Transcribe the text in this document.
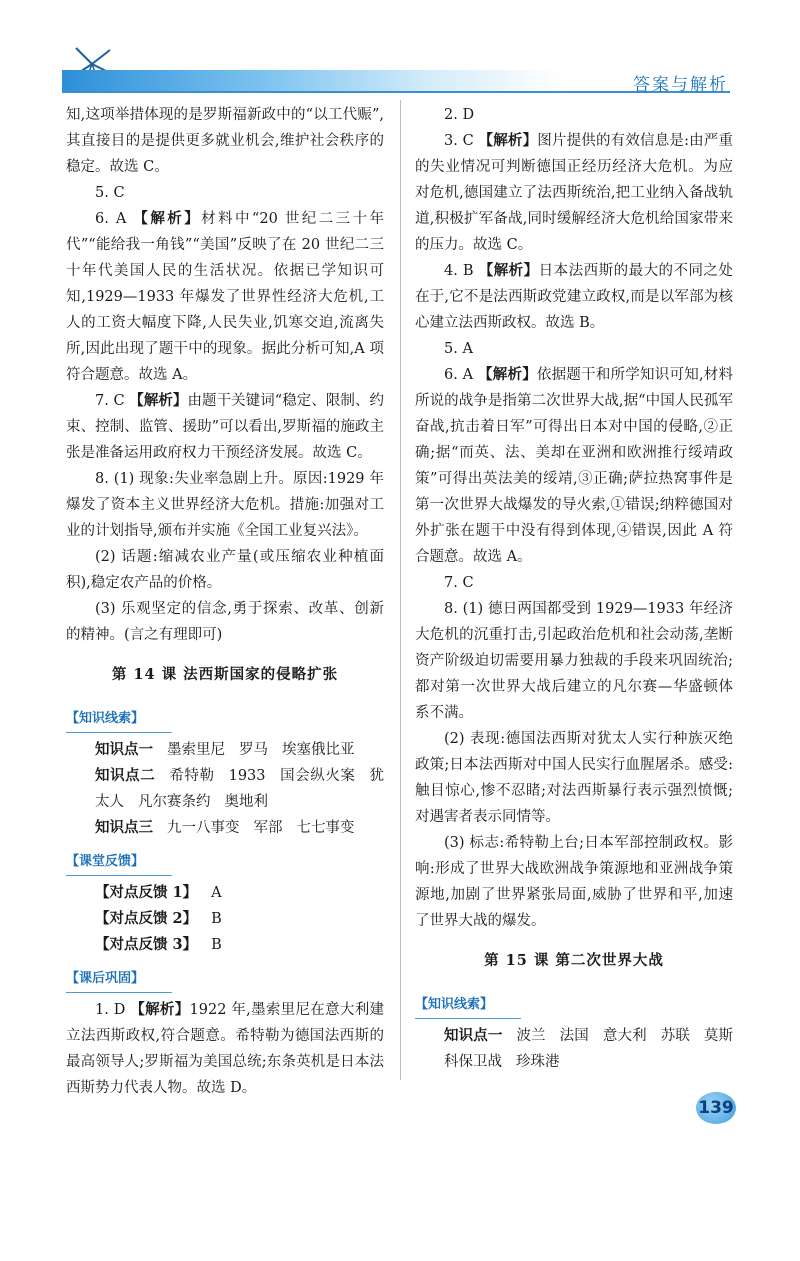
答案与解析

知,这项举措体现的是罗斯福新政中的“以工代赈”,其直接目的是提供更多就业机会,维护社会秩序的稳定。故选 C。

5. C

6. A 【解析】材料中“20 世纪二三十年代”“能给我一角钱”“美国”反映了在 20 世纪二三十年代美国人民的生活状况。依据已学知识可知,1929—1933 年爆发了世界性经济大危机,工人的工资大幅度下降,人民失业,饥寒交迫,流离失所,因此出现了题干中的现象。据此分析可知,A 项符合题意。故选 A。

7. C 【解析】由题干关键词“稳定、限制、约束、控制、监管、援助”可以看出,罗斯福的施政主张是准备运用政府权力干预经济发展。故选 C。

8. (1) 现象:失业率急剧上升。原因:1929 年爆发了资本主义世界经济大危机。措施:加强对工业的计划指导,颁布并实施《全国工业复兴法》。

(2) 话题:缩减农业产量(或压缩农业种植面积),稳定农产品的价格。

(3) 乐观坚定的信念,勇于探索、改革、创新的精神。(言之有理即可)

第 14 课 法西斯国家的侵略扩张

【知识线索】

知识点一 墨索里尼 罗马 埃塞俄比亚

知识点二 希特勒 1933 国会纵火案 犹太人 凡尔赛条约 奥地利

知识点三 九一八事变 军部 七七事变

【课堂反馈】

【对点反馈 1】 A

【对点反馈 2】 B

【对点反馈 3】 B

【课后巩固】

1. D 【解析】1922 年,墨索里尼在意大利建立法西斯政权,符合题意。希特勒为德国法西斯的最高领导人;罗斯福为美国总统;东条英机是日本法西斯势力代表人物。故选 D。

2. D

3. C 【解析】图片提供的有效信息是:由严重的失业情况可判断德国正经历经济大危机。为应对危机,德国建立了法西斯统治,把工业纳入备战轨道,积极扩军备战,同时缓解经济大危机给国家带来的压力。故选 C。

4. B 【解析】日本法西斯的最大的不同之处在于,它不是法西斯政党建立政权,而是以军部为核心建立法西斯政权。故选 B。

5. A

6. A 【解析】依据题干和所学知识可知,材料所说的战争是指第二次世界大战,据“中国人民孤军奋战,抗击着日军”可得出日本对中国的侵略,②正确;据“而英、法、美却在亚洲和欧洲推行绥靖政策”可得出英法美的绥靖,③正确;萨拉热窝事件是第一次世界大战爆发的导火索,①错误;纳粹德国对外扩张在题干中没有得到体现,④错误,因此 A 符合题意。故选 A。

7. C

8. (1) 德日两国都受到 1929—1933 年经济大危机的沉重打击,引起政治危机和社会动荡,垄断资产阶级迫切需要用暴力独裁的手段来巩固统治;都对第一次世界大战后建立的凡尔赛—华盛顿体系不满。

(2) 表现:德国法西斯对犹太人实行种族灭绝政策;日本法西斯对中国人民实行血腥屠杀。感受:触目惊心,惨不忍睹;对法西斯暴行表示强烈愤慨;对遇害者表示同情等。

(3) 标志:希特勒上台;日本军部控制政权。影响:形成了世界大战欧洲战争策源地和亚洲战争策源地,加剧了世界紧张局面,威胁了世界和平,加速了世界大战的爆发。

第 15 课 第二次世界大战

【知识线索】

知识点一 波兰 法国 意大利 苏联 莫斯科保卫战 珍珠港

139
